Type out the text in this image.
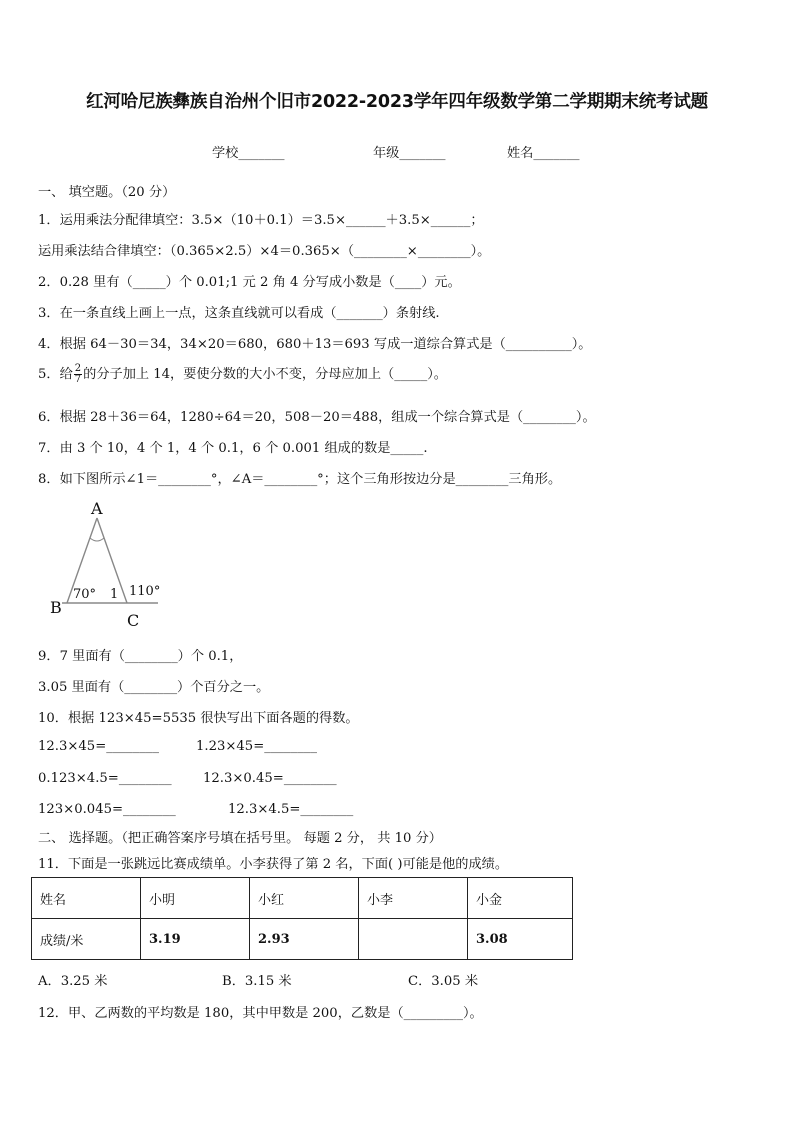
红河哈尼族彝族自治州个旧市2022-2023学年四年级数学第二学期期末统考试题
学校_______	年级_______	姓名_______
一、 填空题。（20 分）
1．运用乘法分配律填空：3.5×（10＋0.1）＝3.5×______＋3.5×______；
运用乘法结合律填空：（0.365×2.5）×4＝0.365×（________×________）。
2．0.28 里有（_____）个 0.01;1 元 2 角 4 分写成小数是（____）元。
3．在一条直线上画上一点，这条直线就可以看成（_______）条射线.
4．根据 64－30＝34，34×20＝680，680＋13＝693 写成一道综合算式是（__________）。
5．给 $\frac{2}{7}$ 的分子加上 14，要使分数的大小不变，分母应加上（_____）。
6．根据 28＋36＝64，1280÷64＝20，508－20＝488，组成一个综合算式是（________）。
7．由 3 个 10，4 个 1，4 个 0.1，6 个 0.001 组成的数是_____.
8．如下图所示∠1＝________°，∠A＝________°；这个三角形按边分是________三角形。
A
B
C
70° 1 110°
9．7 里面有（________）个 0.1，
3.05 里面有（________）个百分之一。
10．根据 123×45=5535 很快写出下面各题的得数。
12.3×45=________	1.23×45=________
0.123×4.5=________ 12.3×0.45=________
123×0.045=________	12.3×4.5=________
二、 选择题。（把正确答案序号填在括号里。 每题 2 分， 共 10 分）
11．下面是一张跳远比赛成绩单。小李获得了第 2 名，下面( )可能是他的成绩。
姓名	小明	小红	小李	小金
成绩/米	3.19	2.93		3.08
A．3.25 米	B．3.15 米	C．3.05 米
12．甲、乙两数的平均数是 180，其中甲数是 200，乙数是（_________）。
